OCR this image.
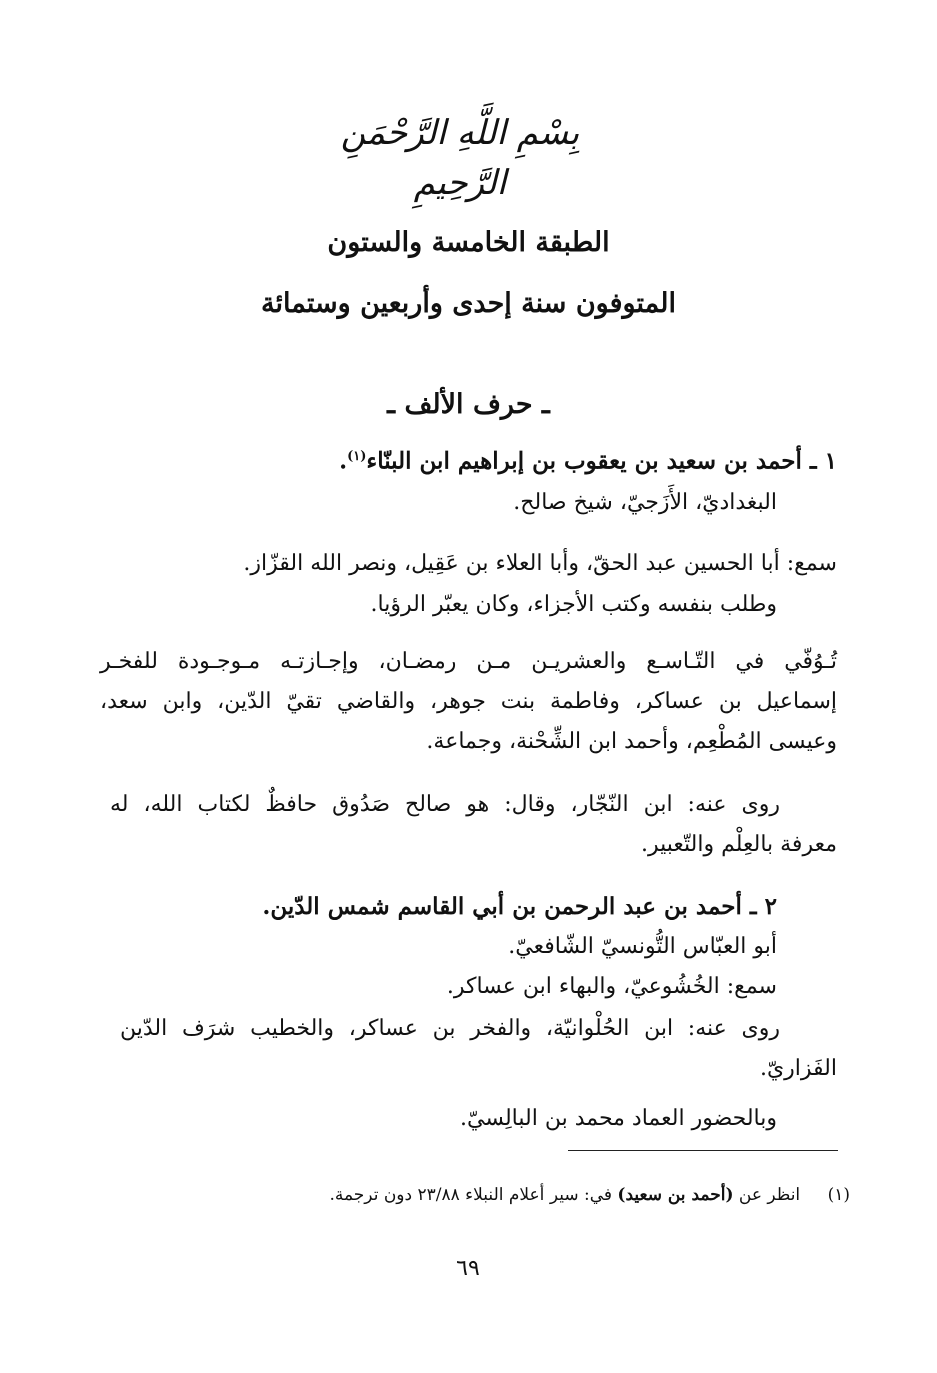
بِسْمِ اللَّهِ الرَّحْمَنِ الرَّحِيمِ
الطبقة الخامسة والستون
المتوفون سنة إحدى وأربعين وستمائة
ـ حرف الألف ـ
١ ـ أحمد بن سعيد بن يعقوب بن إبراهيم ابن البنّاء$^{(١)}$.
البغداديّ، الأَزَجيّ، شيخ صالح.
سمع: أبا الحسين عبد الحقّ، وأبا العلاء بن عَقِيل، ونصر الله القزّاز.
وطلب بنفسه وكتب الأجزاء، وكان يعبّر الرؤيا.
تُـوُفّي في التّـاسـع والعشريـن مـن رمضـان، وإجـازتـه مـوجـودة للفخـر
إسماعيل بن عساكر، وفاطمة بنت جوهر، والقاضي تقيّ الدّين، وابن سعد،
وعيسى المُطْعِم، وأحمد ابن الشِّحْنة، وجماعة.
روى عنه: ابن النّجّار، وقال: هو صالح صَدُوق حافظٌ لكتاب الله، له
معرفة بالعِلْم والتّعبير.
٢ ـ أحمد بن عبد الرحمن بن أبي القاسم شمس الدّين.
أبو العبّاس التُّونسيّ الشّافعيّ.
سمع: الخُشُوعيّ، والبهاء ابن عساكر.
روى عنه: ابن الحُلْوانيّة، والفخر بن عساكر، والخطيب شرَف الدّين
الفَزاريّ.
وبالحضور العماد محمد بن البالِسيّ.
(١) انظر عن (أحمد بن سعيد) في: سير أعلام النبلاء ٢٣/٨٨ دون ترجمة.
٦٩
